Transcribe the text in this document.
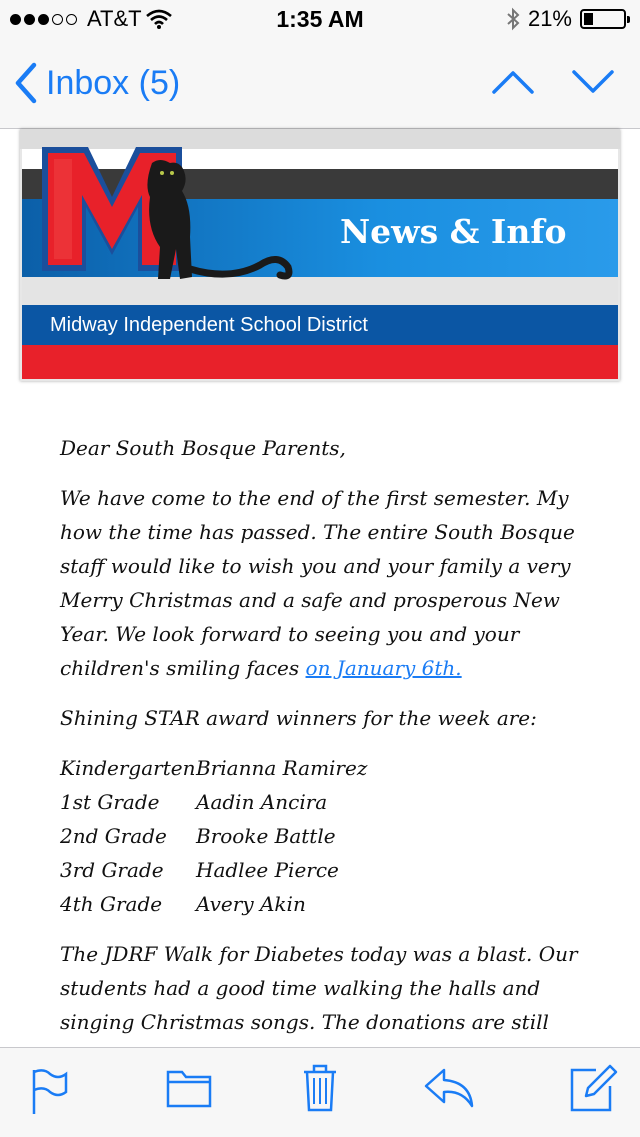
AT&T	1:35 AM	21%
Inbox (5)
News & Info
Midway Independent School District

Dear South Bosque Parents,

We have come to the end of the first semester. My how the time has passed. The entire South Bosque staff would like to wish you and your family a very Merry Christmas and a safe and prosperous New Year. We look forward to seeing you and your children's smiling faces on January 6th.

Shining STAR award winners for the week are:

Kindergarten Brianna Ramirez
1st Grade	Aadin Ancira
2nd Grade	Brooke Battle
3rd Grade	Hadlee Pierce
4th Grade	Avery Akin

The JDRF Walk for Diabetes today was a blast. Our students had a good time walking the halls and singing Christmas songs. The donations are still
